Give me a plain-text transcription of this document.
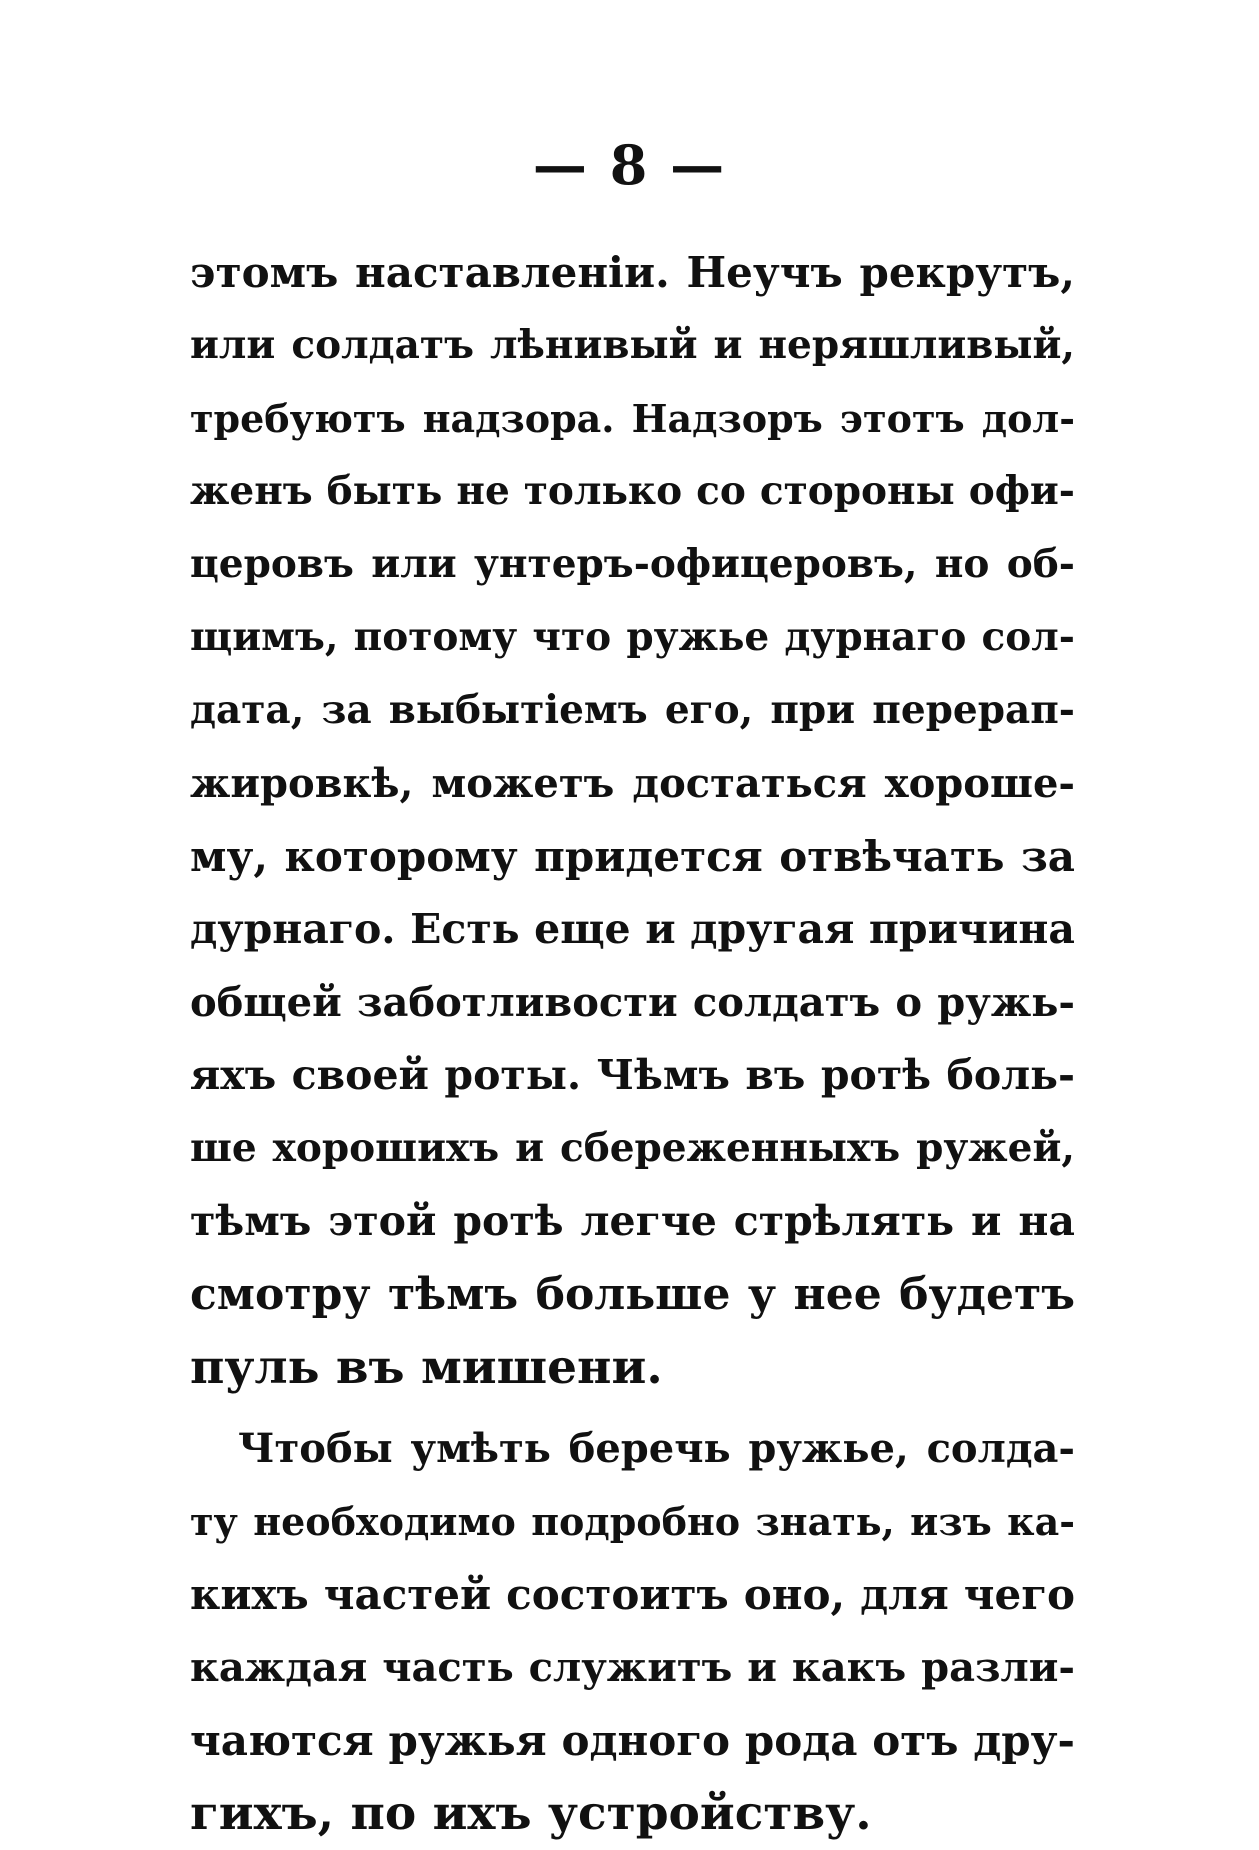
— 8 —
этомъ наставленіи. Неучъ рекрутъ,
или солдатъ лѣнивый и неряшливый,
требуютъ надзора. Надзоръ этотъ дол-
женъ быть не только со стороны офи-
церовъ или унтеръ-офицеровъ, но об-
щимъ, потому что ружье дурнаго сол-
дата, за выбытіемъ его, при перерап-
жировкѣ, можетъ достаться хороше-
му, которому придется отвѣчать за
дурнаго. Есть еще и другая причина
общей заботливости солдатъ о ружь-
яхъ своей роты. Чѣмъ въ ротѣ боль-
ше хорошихъ и сбереженныхъ ружей,
тѣмъ этой ротѣ легче стрѣлять и на
смотру тѣмъ больше у нее будетъ
пуль въ мишени.
Чтобы умѣть беречь ружье, солда-
ту необходимо подробно знать, изъ ка-
кихъ частей состоитъ оно, для чего
каждая часть служитъ и какъ разли-
чаются ружья одного рода отъ дру-
гихъ, по ихъ устройству.
